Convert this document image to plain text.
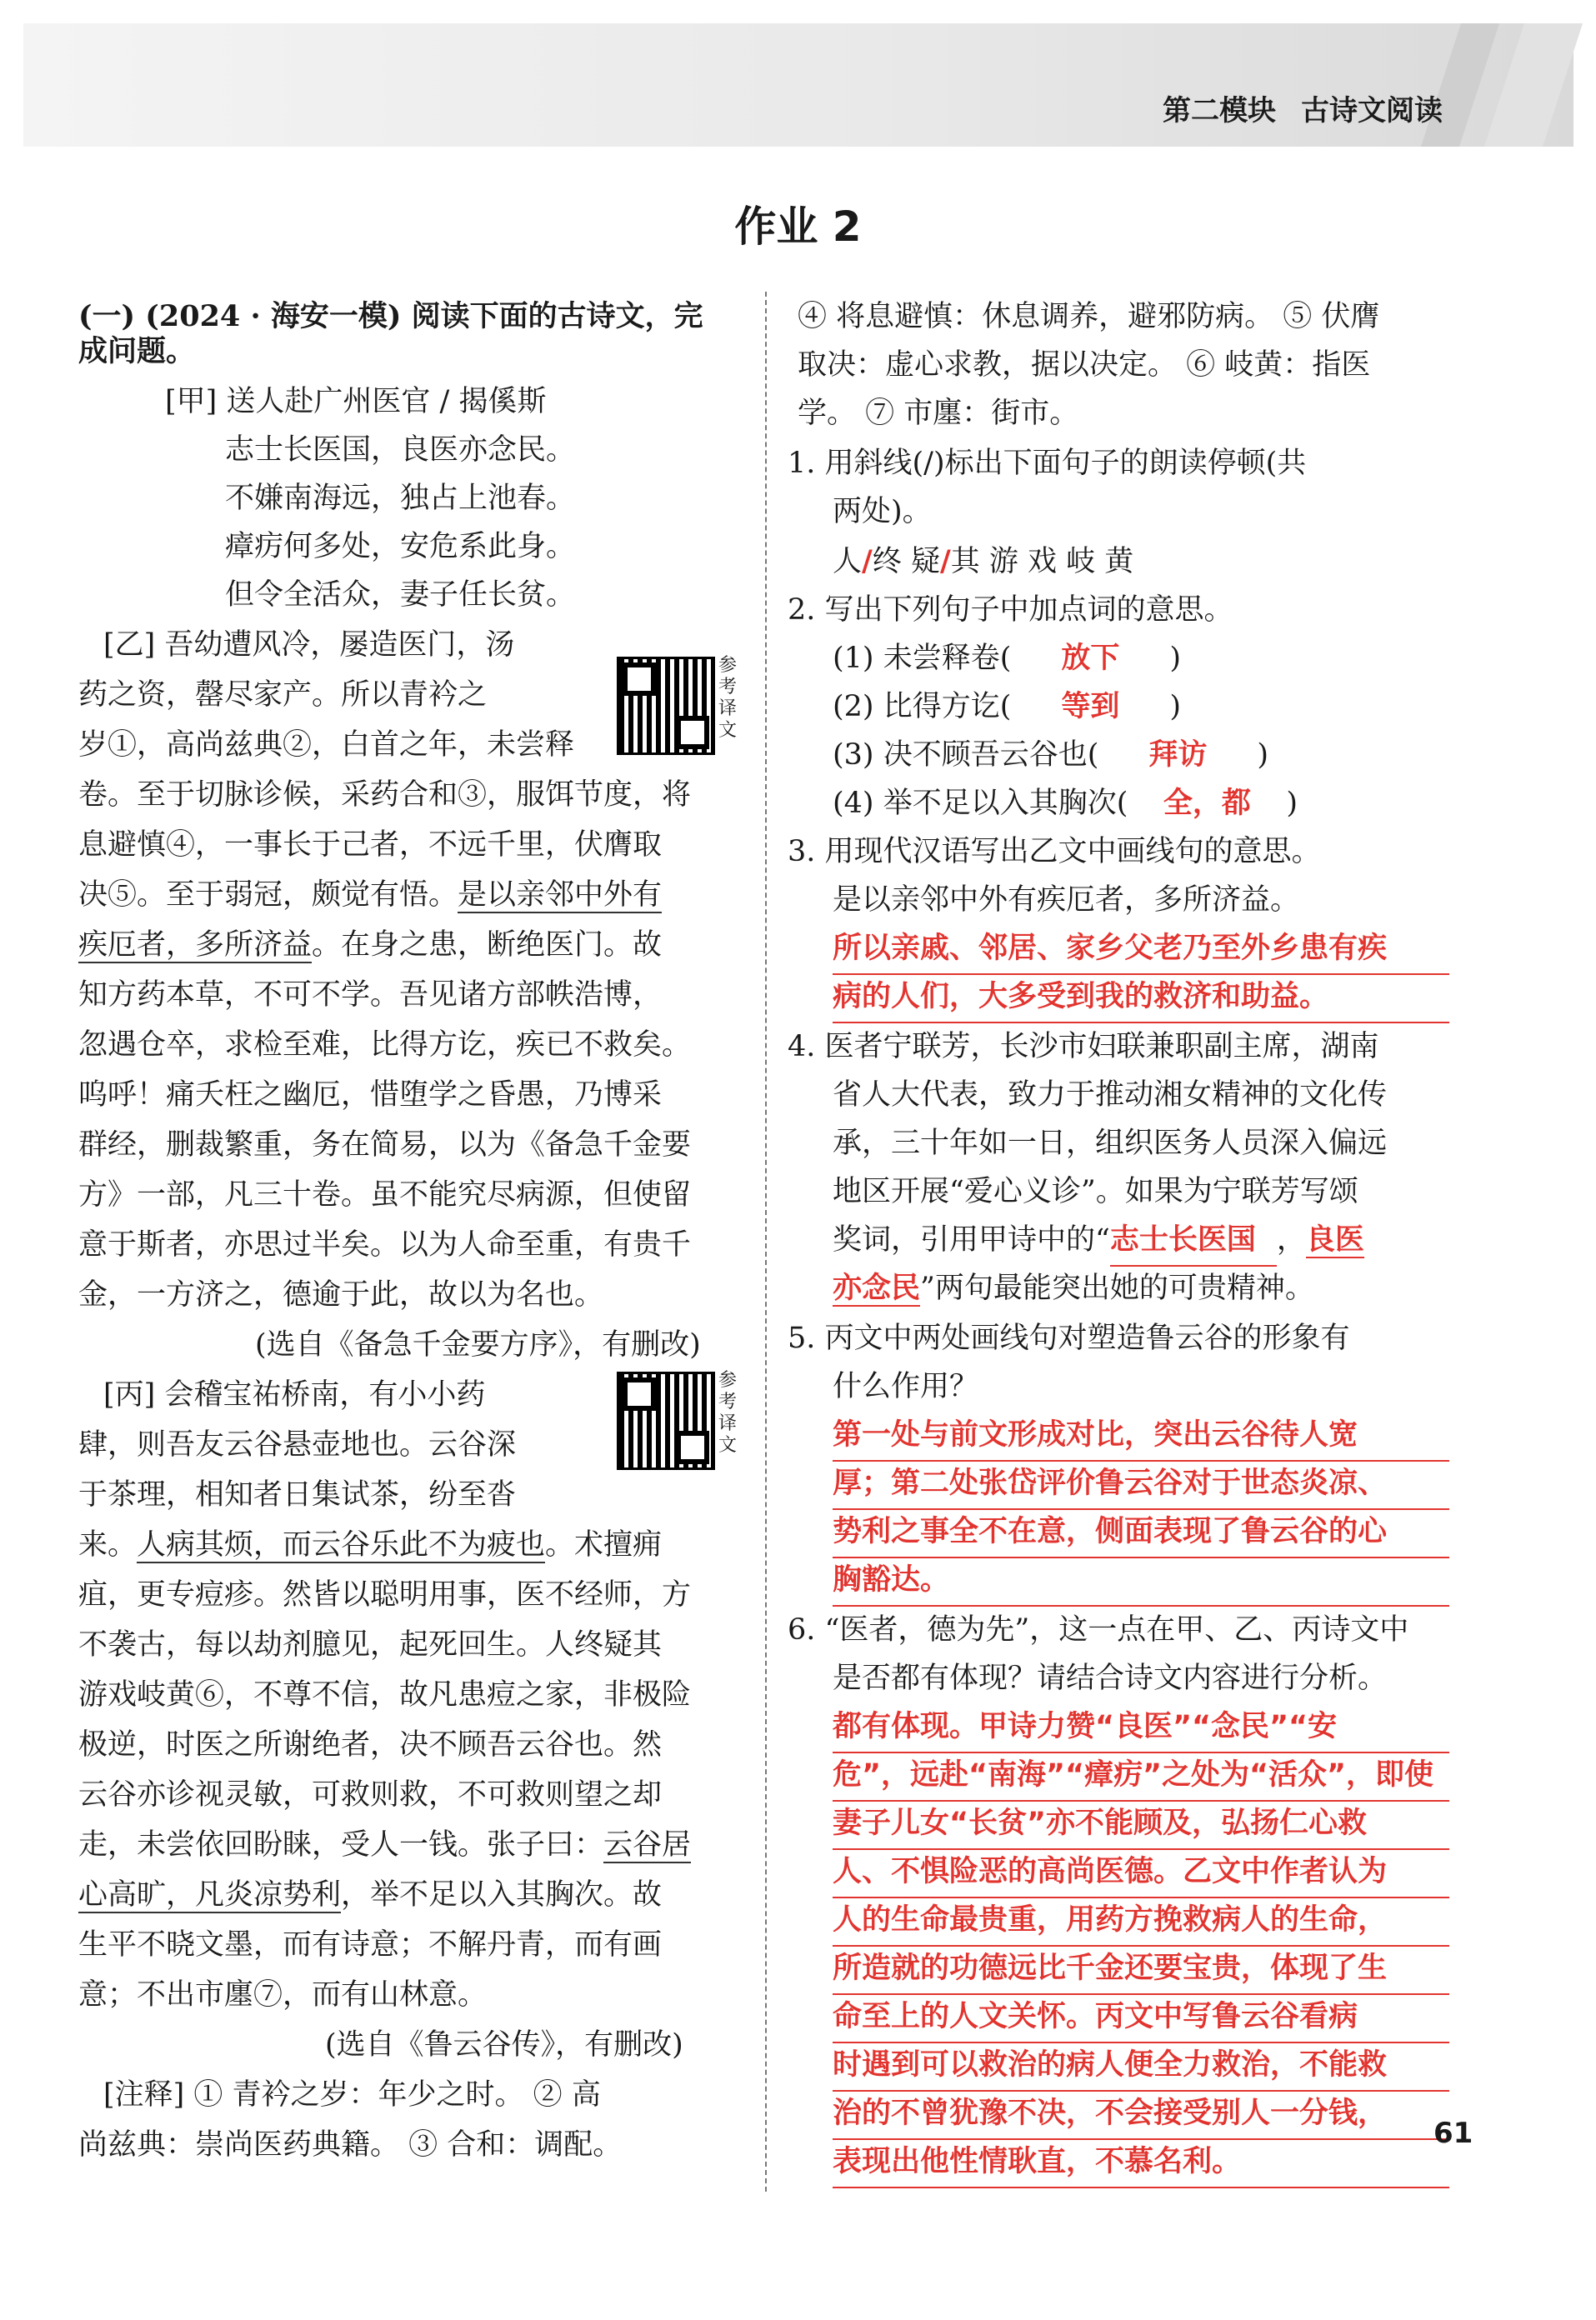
第二模块 古诗文阅读
作业 2
(一) (2024 · 海安一模) 阅读下面的古诗文，完
成问题。
[甲] 送人赴广州医官 / 揭傒斯
志士长医国，良医亦念民。
不嫌南海远，独占上池春。
瘴疠何多处，安危系此身。
但令全活众，妻子任长贫。
参考译文
[乙] 吾幼遭风冷，屡造医门，汤
药之资，罄尽家产。所以青衿之
岁①，高尚兹典②，白首之年，未尝释
卷。至于切脉诊候，采药合和③，服饵节度，将
息避慎④，一事长于己者，不远千里，伏膺取
决⑤。至于弱冠，颇觉有悟。是以亲邻中外有
疾厄者，多所济益。在身之患，断绝医门。故
知方药本草，不可不学。吾见诸方部帙浩博，
忽遇仓卒，求检至难，比得方讫，疾已不救矣。
呜呼！痛夭枉之幽厄，惜堕学之昏愚，乃博采
群经，删裁繁重，务在简易，以为《备急千金要
方》一部，凡三十卷。虽不能究尽病源，但使留
意于斯者，亦思过半矣。以为人命至重，有贵千
金，一方济之，德逾于此，故以为名也。
(选自《备急千金要方序》，有删改)
参考译文
[丙] 会稽宝祐桥南，有小小药
肆，则吾友云谷悬壶地也。云谷深
于茶理，相知者日集试茶，纷至沓
来。人病其烦，而云谷乐此不为疲也。术擅痈
疽，更专痘疹。然皆以聪明用事，医不经师，方
不袭古，每以劫剂臆见，起死回生。人终疑其
游戏岐黄⑥，不尊不信，故凡患痘之家，非极险
极逆，时医之所谢绝者，决不顾吾云谷也。然
云谷亦诊视灵敏，可救则救，不可救则望之却
走，未尝依回盼睐，受人一钱。张子曰：云谷居
心高旷，凡炎凉势利，举不足以入其胸次。故
生平不晓文墨，而有诗意；不解丹青，而有画
意；不出市廛⑦，而有山林意。
(选自《鲁云谷传》，有删改)
[注释] ① 青衿之岁：年少之时。 ② 高
尚兹典：崇尚医药典籍。 ③ 合和：调配。
④ 将息避慎：休息调养，避邪防病。 ⑤ 伏膺
取决：虚心求教，据以决定。 ⑥ 岐黄：指医
学。 ⑦ 市廛：街市。
1. 用斜线(/)标出下面句子的朗读停顿(共
两处)。
人/终 疑/其 游 戏 岐 黄
2. 写出下列句子中加点词的意思。
(1) 未尝释卷( 放下 )
(2) 比得方讫( 等到 )
(3) 决不顾吾云谷也( 拜访 )
(4) 举不足以入其胸次( 全，都 )
3. 用现代汉语写出乙文中画线句的意思。
是以亲邻中外有疾厄者，多所济益。
所以亲戚、邻居、家乡父老乃至外乡患有疾
病的人们，大多受到我的救济和助益。
4. 医者宁联芳，长沙市妇联兼职副主席，湖南
省人大代表，致力于推动湘女精神的文化传
承，三十年如一日，组织医务人员深入偏远
地区开展“爱心义诊”。如果为宁联芳写颂
奖词，引用甲诗中的“志士长医国 ，良医
亦念民”两句最能突出她的可贵精神。
5. 丙文中两处画线句对塑造鲁云谷的形象有
什么作用？
第一处与前文形成对比，突出云谷待人宽
厚；第二处张岱评价鲁云谷对于世态炎凉、
势利之事全不在意，侧面表现了鲁云谷的心
胸豁达。
6. “医者，德为先”，这一点在甲、乙、丙诗文中
是否都有体现？请结合诗文内容进行分析。
都有体现。甲诗力赞“良医”“念民”“安
危”，远赴“南海”“瘴疠”之处为“活众”，即使
妻子儿女“长贫”亦不能顾及，弘扬仁心救
人、不惧险恶的高尚医德。乙文中作者认为
人的生命最贵重，用药方挽救病人的生命，
所造就的功德远比千金还要宝贵，体现了生
命至上的人文关怀。丙文中写鲁云谷看病
时遇到可以救治的病人便全力救治，不能救
治的不曾犹豫不决，不会接受别人一分钱，
表现出他性情耿直，不慕名利。
61
